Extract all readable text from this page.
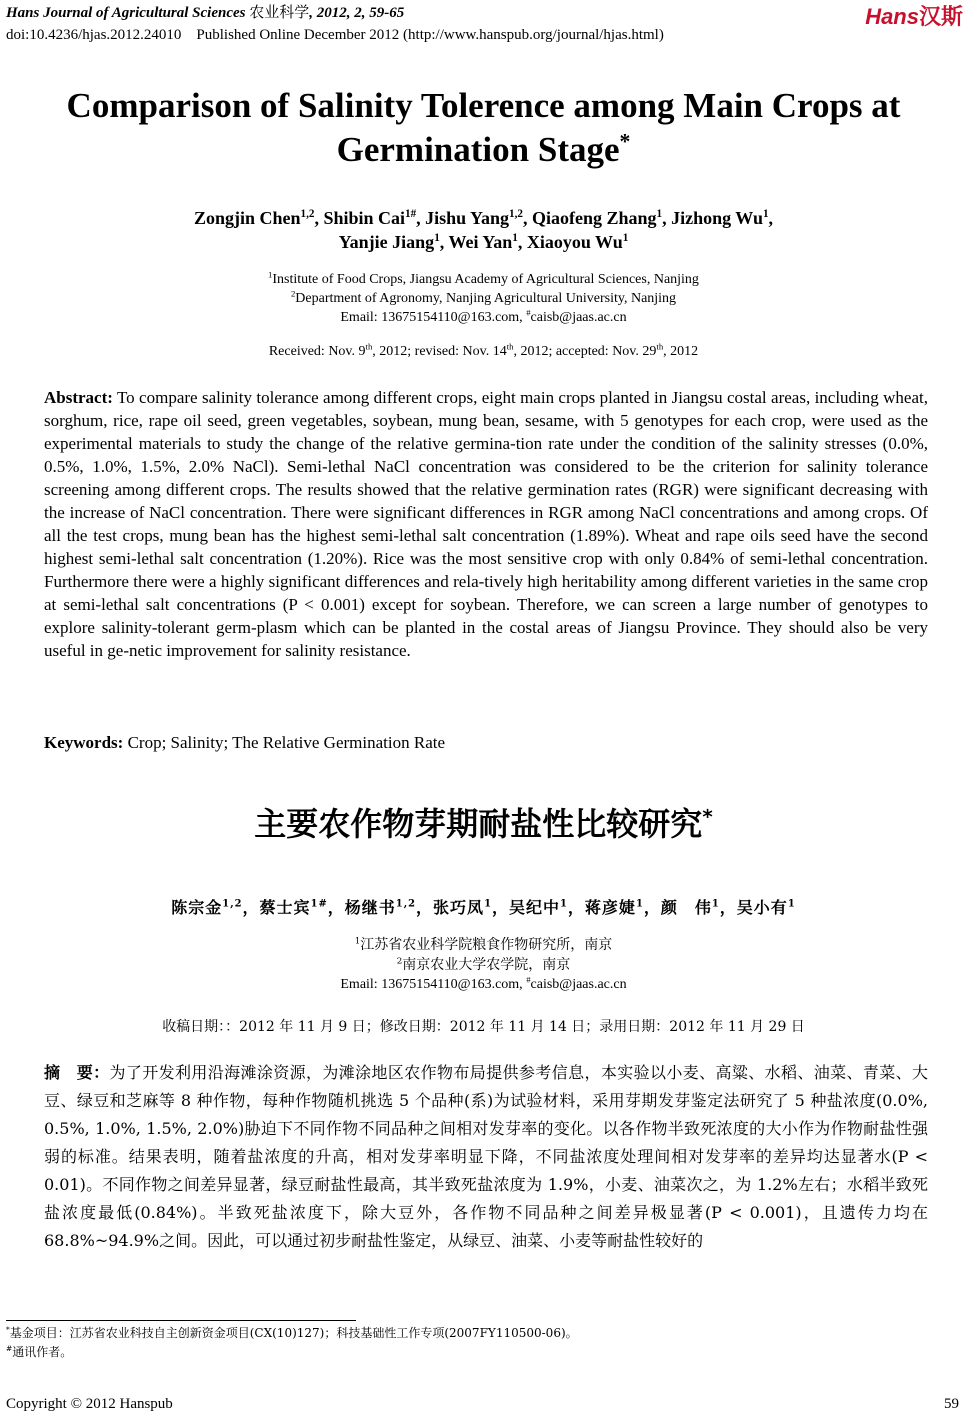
Hans Journal of Agricultural Sciences 农业科学, 2012, 2, 59-65
doi:10.4236/hjas.2012.24010    Published Online December 2012 (http://www.hanspub.org/journal/hjas.html)
Hans汉斯
Comparison of Salinity Tolerence among Main Crops at
Germination Stage*
Zongjin Chen$^{1,2}$, Shibin Cai$^{1\#}$, Jishu Yang$^{1,2}$, Qiaofeng Zhang$^1$, Jizhong Wu$^1$,
Yanjie Jiang$^1$, Wei Yan$^1$, Xiaoyou Wu$^1$
$^1$Institute of Food Crops, Jiangsu Academy of Agricultural Sciences, Nanjing
$^2$Department of Agronomy, Nanjing Agricultural University, Nanjing
Email: 13675154110@163.com, #caisb@jaas.ac.cn
Received: Nov. 9th, 2012; revised: Nov. 14th, 2012; accepted: Nov. 29th, 2012
Abstract: To compare salinity tolerance among different crops, eight main crops planted in Jiangsu costal areas, including wheat, sorghum, rice, rape oil seed, green vegetables, soybean, mung bean, sesame, with 5 genotypes for each crop, were used as the experimental materials to study the change of the relative germina-tion rate under the condition of the salinity stresses (0.0%, 0.5%, 1.0%, 1.5%, 2.0% NaCl). Semi-lethal NaCl concentration was considered to be the criterion for salinity tolerance screening among different crops. The results showed that the relative germination rates (RGR) were significant decreasing with the increase of NaCl concentration. There were significant differences in RGR among NaCl concentrations and among crops. Of all the test crops, mung bean has the highest semi-lethal salt concentration (1.89%). Wheat and rape oils seed have the second highest semi-lethal salt concentration (1.20%). Rice was the most sensitive crop with only 0.84% of semi-lethal concentration. Furthermore there were a highly significant differences and rela-tively high heritability among different varieties in the same crop at semi-lethal salt concentrations (P < 0.001) except for soybean. Therefore, we can screen a large number of genotypes to explore salinity-tolerant germ-plasm which can be planted in the costal areas of Jiangsu Province. They should also be very useful in ge-netic improvement for salinity resistance.
Keywords: Crop; Salinity; The Relative Germination Rate
主要农作物芽期耐盐性比较研究*
陈宗金$^{1,2}$，蔡士宾$^{1\#}$，杨继书$^{1,2}$，张巧凤$^1$，吴纪中$^1$，蒋彦婕$^1$，颜　伟$^1$，吴小有$^1$
$^1$江苏省农业科学院粮食作物研究所，南京
$^2$南京农业大学农学院，南京
Email: 13675154110@163.com, #caisb@jaas.ac.cn
收稿日期：：2012 年 11 月 9 日；修改日期：2012 年 11 月 14 日；录用日期：2012 年 11 月 29 日
摘　要：为了开发利用沿海滩涂资源，为滩涂地区农作物布局提供参考信息，本实验以小麦、高粱、水稻、油菜、青菜、大豆、绿豆和芝麻等 8 种作物，每种作物随机挑选 5 个品种(系)为试验材料，采用芽期发芽鉴定法研究了 5 种盐浓度(0.0%, 0.5%, 1.0%, 1.5%, 2.0%)胁迫下不同作物不同品种之间相对发芽率的变化。以各作物半致死浓度的大小作为作物耐盐性强弱的标准。结果表明，随着盐浓度的升高，相对发芽率明显下降，不同盐浓度处理间相对发芽率的差异均达显著水(P < 0.01)。不同作物之间差异显著，绿豆耐盐性最高，其半致死盐浓度为 1.9%，小麦、油菜次之，为 1.2%左右；水稻半致死盐浓度最低(0.84%)。半致死盐浓度下，除大豆外，各作物不同品种之间差异极显著(P < 0.001)，且遗传力均在 68.8%~94.9%之间。因此，可以通过初步耐盐性鉴定，从绿豆、油菜、小麦等耐盐性较好的
*基金项目：江苏省农业科技自主创新资金项目(CX(10)127)；科技基础性工作专项(2007FY110500-06)。
#通讯作者。
Copyright © 2012 Hanspub	59
